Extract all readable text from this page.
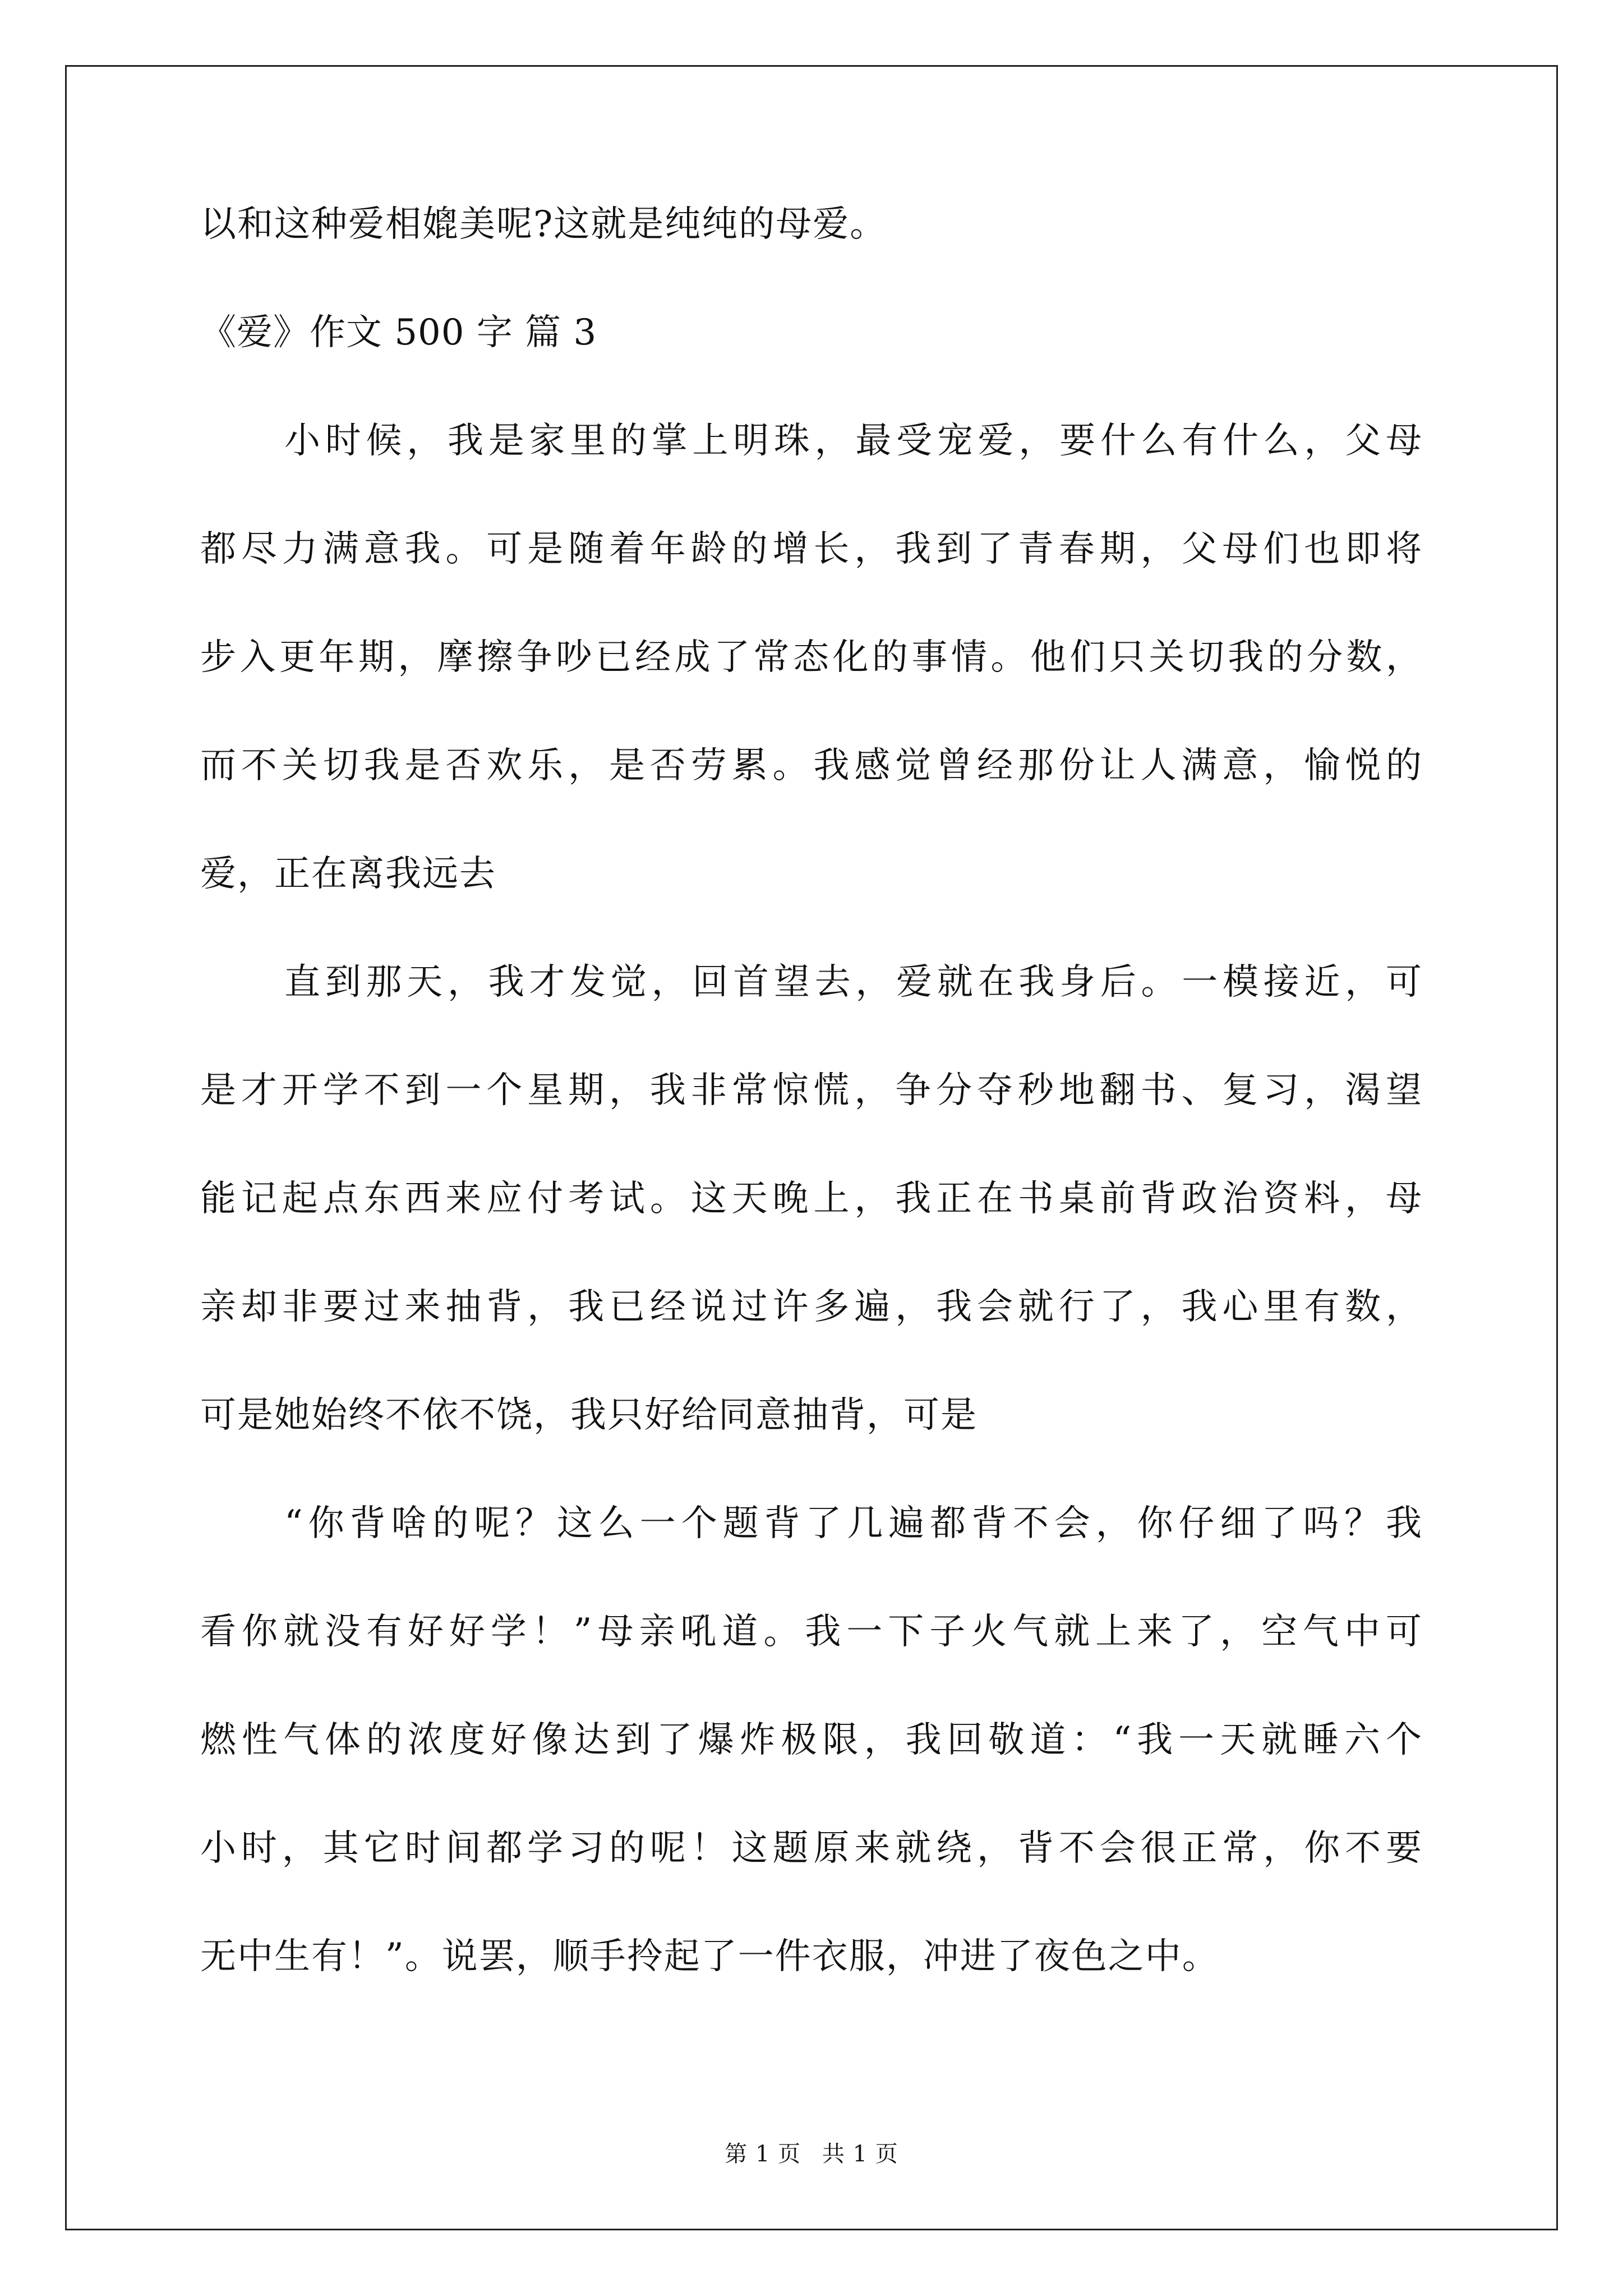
以和这种爱相媲美呢?这就是纯纯的母爱。

《爱》作文 500 字 篇 3

小时候，我是家里的掌上明珠，最受宠爱，要什么有什么，父母

都尽力满意我。可是随着年龄的增长，我到了青春期，父母们也即将

步入更年期，摩擦争吵已经成了常态化的事情。他们只关切我的分数，

而不关切我是否欢乐，是否劳累。我感觉曾经那份让人满意，愉悦的

爱，正在离我远去

直到那天，我才发觉，回首望去，爱就在我身后。一模接近，可

是才开学不到一个星期，我非常惊慌，争分夺秒地翻书、复习，渴望

能记起点东西来应付考试。这天晚上，我正在书桌前背政治资料，母

亲却非要过来抽背，我已经说过许多遍，我会就行了，我心里有数，

可是她始终不依不饶，我只好给同意抽背，可是

“你背啥的呢？这么一个题背了几遍都背不会，你仔细了吗？我

看你就没有好好学！”母亲吼道。我一下子火气就上来了，空气中可

燃性气体的浓度好像达到了爆炸极限，我回敬道：“我一天就睡六个

小时，其它时间都学习的呢！这题原来就绕，背不会很正常，你不要

无中生有！”。说罢，顺手拎起了一件衣服，冲进了夜色之中。

第 1 页 共 1 页
